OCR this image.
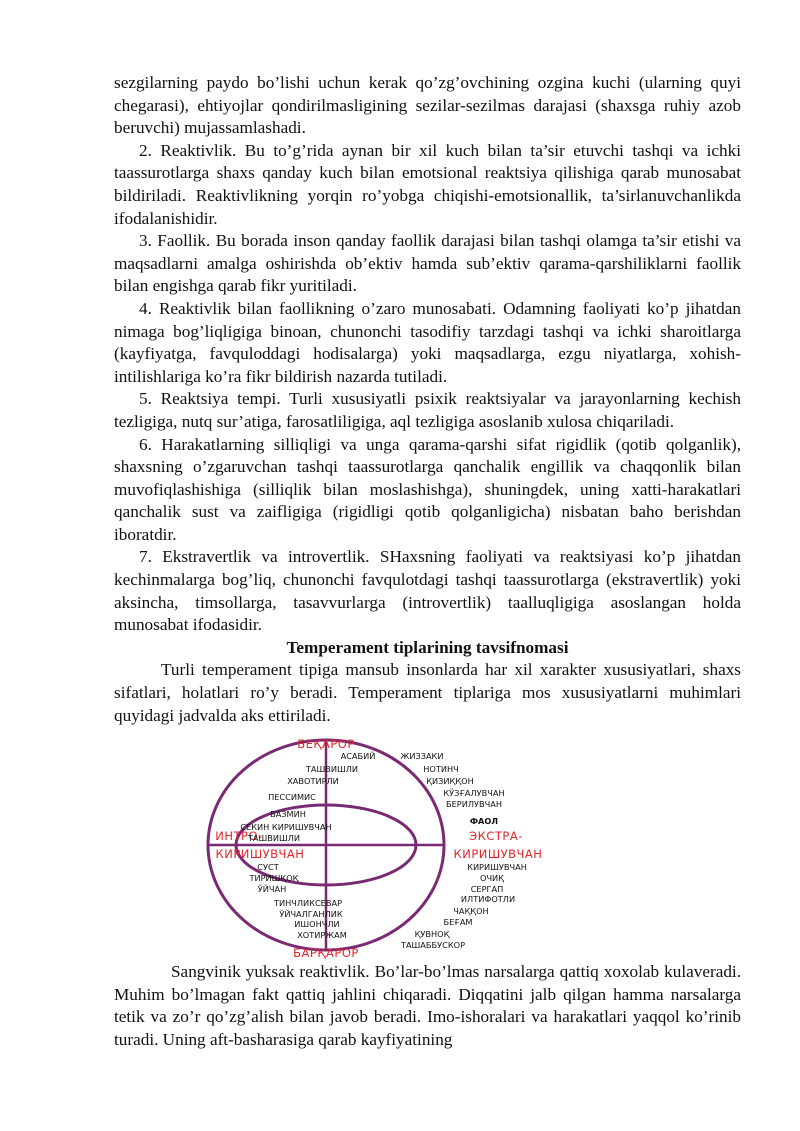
sezgilarning paydo bo’lishi uchun kerak qo’zg’ovchining ozgina kuchi (ularning quyi chegarasi), ehtiyojlar qondirilmasligining sezilar-sezilmas darajasi (shaxsga ruhiy azob beruvchi) mujassamlashadi.

2. Reaktivlik. Bu to’g’rida aynan bir xil kuch bilan ta’sir etuvchi tashqi va ichki taassurotlarga shaxs qanday kuch bilan emotsional reaktsiya qilishiga qarab munosabat bildiriladi. Reaktivlikning yorqin ro’yobga chiqishi-emotsionallik, ta’sirlanuvchanlikda ifodalanishidir.

3. Faollik. Bu borada inson qanday faollik darajasi bilan tashqi olamga ta’sir etishi va maqsadlarni amalga oshirishda ob’ektiv hamda sub’ektiv qarama-qarshiliklarni faollik bilan engishga qarab fikr yuritiladi.

4. Reaktivlik bilan faollikning o’zaro munosabati. Odamning faoliyati ko’p jihatdan nimaga bog’liqligiga binoan, chunonchi tasodifiy tarzdagi tashqi va ichki sharoitlarga (kayfiyatga, favquloddagi hodisalarga) yoki maqsadlarga, ezgu niyatlarga, xohish-intilishlariga ko’ra fikr bildirish nazarda tutiladi.

5. Reaktsiya tempi. Turli xususiyatli psixik reaktsiyalar va jarayonlarning kechish tezligiga, nutq sur’atiga, farosatliligiga, aql tezligiga asoslanib xulosa chiqariladi.

6. Harakatlarning silliqligi va unga qarama-qarshi sifat rigidlik (qotib qolganlik), shaxsning o’zgaruvchan tashqi taassurotlarga qanchalik engillik va chaqqonlik bilan muvofiqlashishiga (silliqlik bilan moslashishga), shuningdek, uning xatti-harakatlari qanchalik sust va zaifligiga (rigidligi qotib qolganligicha) nisbatan baho berishdan iboratdir.

7. Ekstravertlik va introvertlik. SHaxsning faoliyati va reaktsiyasi ko’p jihatdan kechinmalarga bog’liq, chunonchi favqulotdagi tashqi taassurotlarga (ekstravertlik) yoki aksincha, timsollarga, tasavvurlarga (introvertlik) taalluqligiga asoslangan holda munosabat ifodasidir.

Temperament tiplarining tavsifnomasi

Turli temperament tipiga mansub insonlarda har xil xarakter xususiyatlari, shaxs sifatlari, holatlari ro’y beradi. Temperament tiplariga mos xususiyatlarni muhimlari quyidagi jadvalda aks ettiriladi.

БЕҚАРОР
БАРҚАРОР
ИНТРО-
КИРИШУВЧАН
ЭКСТРА-
КИРИШУВЧАН
ФАОЛ
АСАБИЙ
ТАШВИШЛИ
ХАВОТИРЛИ
ПЕССИМИС
ВАЗМИН
СЕКИН КИРИШУВЧАН
ТАШВИШЛИ
ЖИЗЗАКИ
НОТИНЧ
ҚИЗИҚҚОН
КЎЗҒАЛУВЧАН
БЕРИЛУВЧАН
СУСТ
ТИРИШҚОҚ
ЎЙЧАН
ТИНЧЛИКСЕВАР
ЎЙЧАЛГАНЛИК
ИШОНЧЛИ
ХОТИРЖАМ
КИРИШУВЧАН
ОЧИҚ
СЕРГАП
ИЛТИФОТЛИ
ЧАҚҚОН
БЕҒАМ
ҚУВНОҚ
ТАШАББУСКОР

Sangvinik yuksak reaktivlik. Bo’lar-bo’lmas narsalarga qattiq xoxolab kulaveradi. Muhim bo’lmagan fakt qattiq jahlini chiqaradi. Diqqatini jalb qilgan hamma narsalarga tetik va zo’r qo’zg’alish bilan javob beradi. Imo-ishoralari va harakatlari yaqqol ko’rinib turadi. Uning aft-basharasiga qarab kayfiyatining
